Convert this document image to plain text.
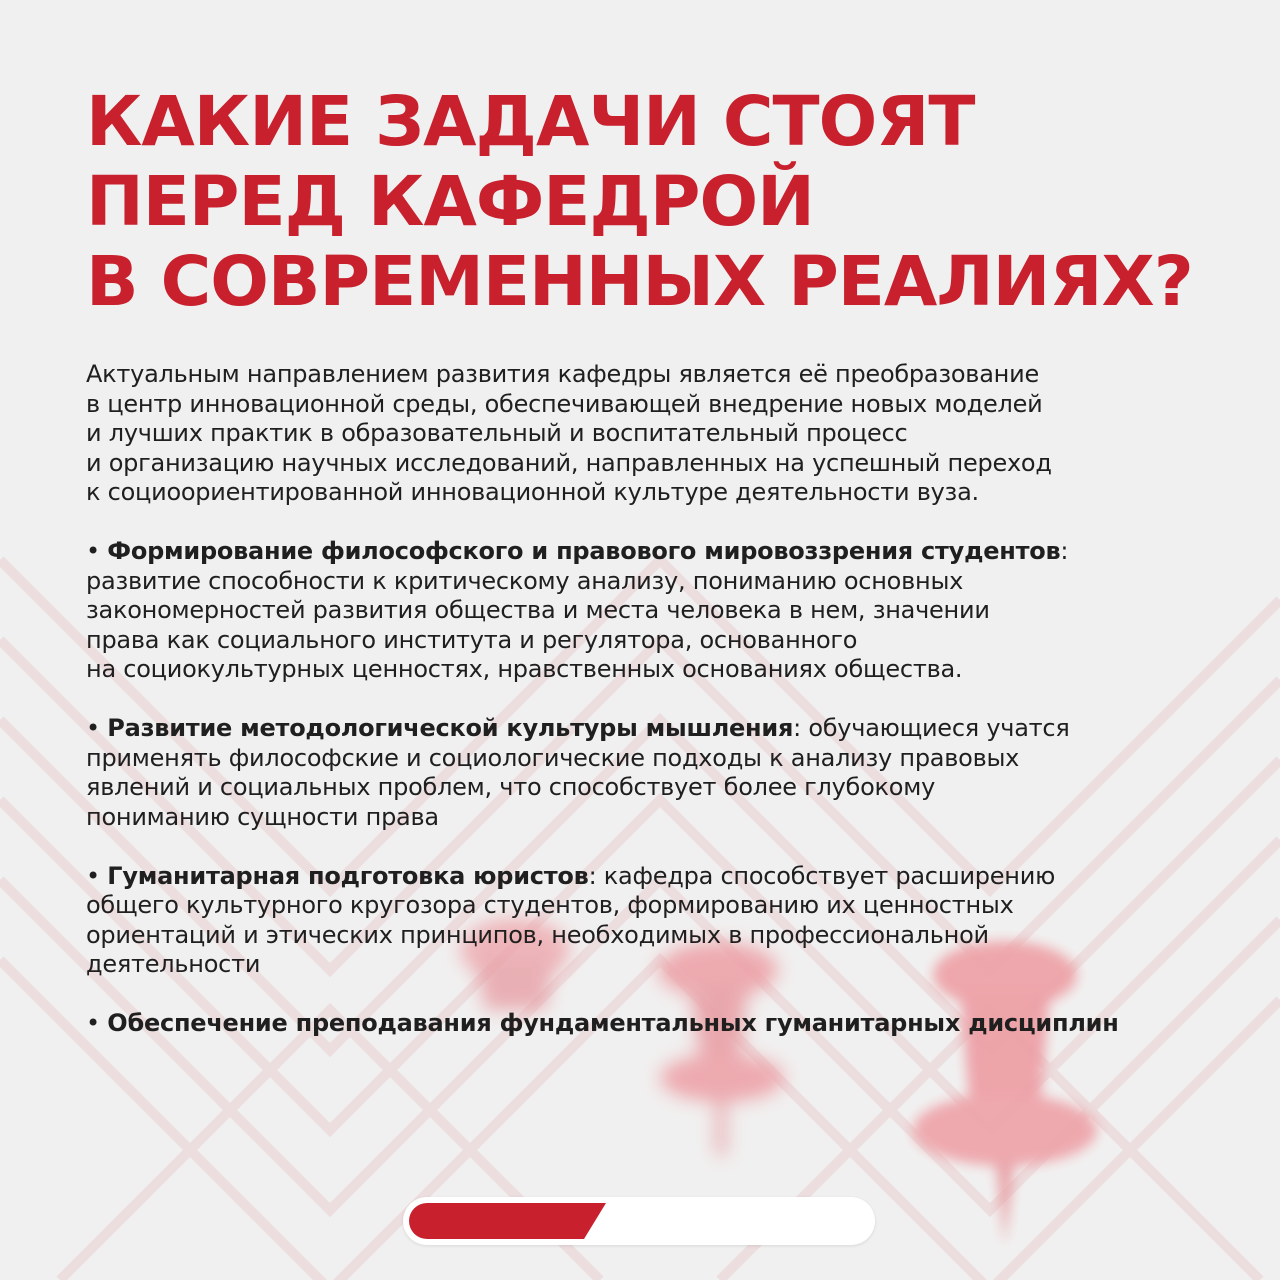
КАКИЕ ЗАДАЧИ СТОЯТ
ПЕРЕД КАФЕДРОЙ
В СОВРЕМЕННЫХ РЕАЛИЯХ?
Актуальным направлением развития кафедры является её преобразование
в центр инновационной среды, обеспечивающей внедрение новых моделей
и лучших практик в образовательный и воспитательный процесс
и организацию научных исследований, направленных на успешный переход
к социоориентированной инновационной культуре деятельности вуза.
• Формирование философского и правового мировоззрения студентов:
развитие способности к критическому анализу, пониманию основных
закономерностей развития общества и места человека в нем, значении
права как социального института и регулятора, основанного
на социокультурных ценностях, нравственных основаниях общества.
• Развитие методологической культуры мышления: обучающиеся учатся
применять философские и социологические подходы к анализу правовых
явлений и социальных проблем, что способствует более глубокому
пониманию сущности права
• Гуманитарная подготовка юристов: кафедра способствует расширению
общего культурного кругозора студентов, формированию их ценностных
ориентаций и этических принципов, необходимых в профессиональной
деятельности
• Обеспечение преподавания фундаментальных гуманитарных дисциплин
